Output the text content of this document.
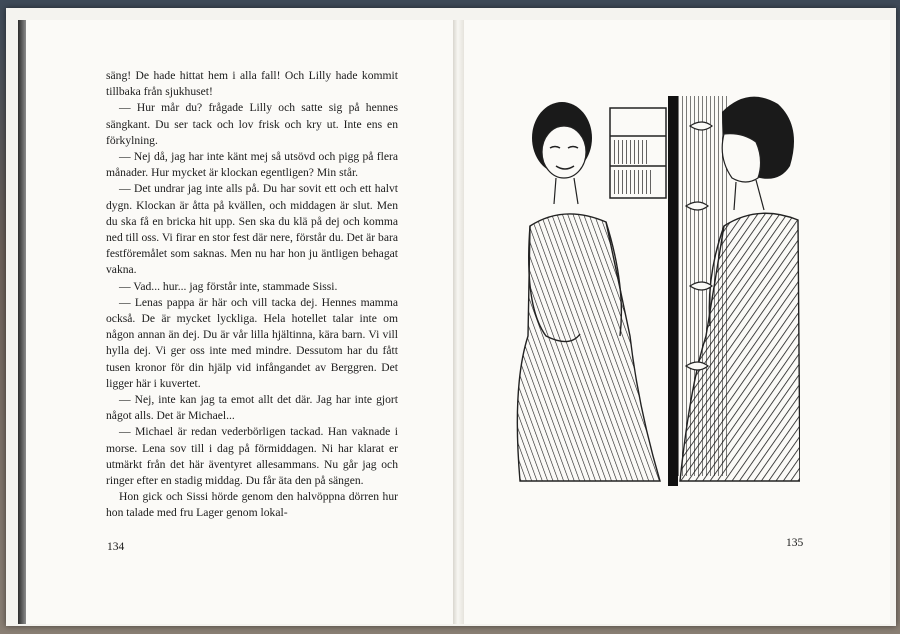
säng! De hade hittat hem i alla fall! Och Lilly hade kommit tillbaka från sjukhuset!

— Hur mår du? frågade Lilly och satte sig på hennes sängkant. Du ser tack och lov frisk och kry ut. Inte ens en förkylning.

— Nej då, jag har inte känt mej så utsövd och pigg på flera månader. Hur mycket är klockan egentligen? Min står.

— Det undrar jag inte alls på. Du har sovit ett och ett halvt dygn. Klockan är åtta på kvällen, och middagen är slut. Men du ska få en bricka hit upp. Sen ska du klä på dej och komma ned till oss. Vi firar en stor fest där nere, förstår du. Det är bara festföremålet som saknas. Men nu har hon ju äntligen behagat vakna.

— Vad... hur... jag förstår inte, stammade Sissi.

— Lenas pappa är här och vill tacka dej. Hennes mamma också. De är mycket lyckliga. Hela hotellet talar inte om någon annan än dej. Du är vår lilla hjältinna, kära barn. Vi vill hylla dej. Vi ger oss inte med mindre. Dessutom har du fått tusen kronor för din hjälp vid infångandet av Berggren. Det ligger här i kuvertet.

— Nej, inte kan jag ta emot allt det där. Jag har inte gjort något alls. Det är Michael...

— Michael är redan vederbörligen tackad. Han vaknade i morse. Lena sov till i dag på förmiddagen. Ni har klarat er utmärkt från det här äventyret allesammans. Nu går jag och ringer efter en stadig middag. Du får äta den på sängen.

Hon gick och Sissi hörde genom den halvöppna dörren hur hon talade med fru Lager genom lokal-

134	135
